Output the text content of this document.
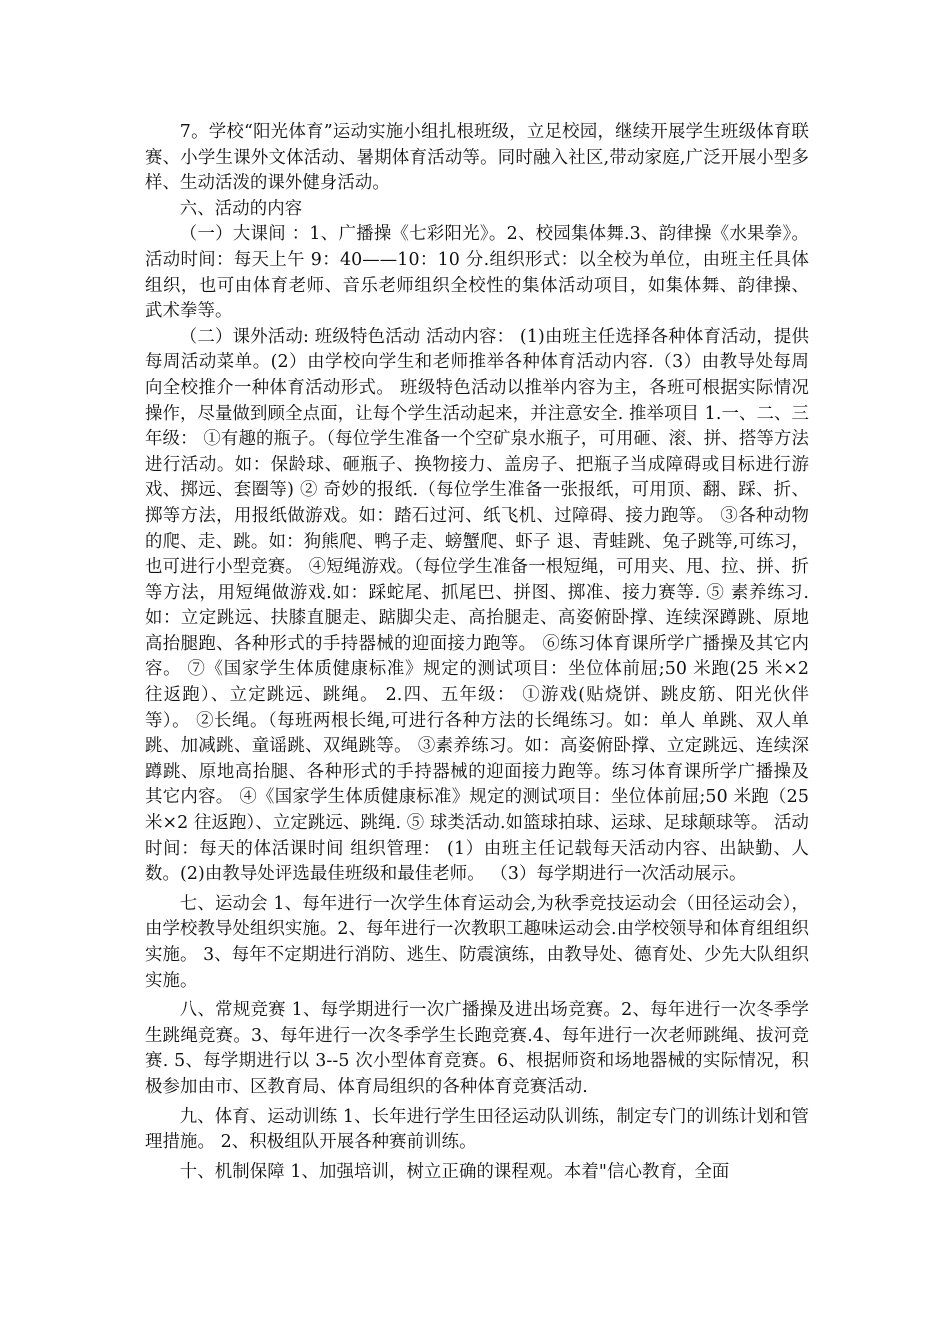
7。学校“阳光体育”运动实施小组扎根班级，立足校园，继续开展学生班级体育联赛、小学生课外文体活动、暑期体育活动等。同时融入社区,带动家庭,广泛开展小型多样、生动活泼的课外健身活动。

六、活动的内容

（一）大课间 ：1、广播操《七彩阳光》。2、校园集体舞.3、韵律操《水果拳》。活动时间：每天上午 9：40——10：10 分.组织形式：以全校为单位，由班主任具体组织，也可由体育老师、音乐老师组织全校性的集体活动项目，如集体舞、韵律操、武术拳等。

（二）课外活动: 班级特色活动 活动内容： (1)由班主任选择各种体育活动，提供每周活动菜单。(2）由学校向学生和老师推举各种体育活动内容.（3）由教导处每周向全校推介一种体育活动形式。 班级特色活动以推举内容为主，各班可根据实际情况操作，尽量做到顾全点面，让每个学生活动起来，并注意安全. 推举项目 1.一、二、三年级： ①有趣的瓶子。（每位学生准备一个空矿泉水瓶子，可用砸、滚、拼、搭等方法进行活动。如：保龄球、砸瓶子、换物接力、盖房子、把瓶子当成障碍或目标进行游戏、掷远、套圈等) ② 奇妙的报纸.（每位学生准备一张报纸，可用顶、翻、踩、折、掷等方法，用报纸做游戏。如：踏石过河、纸飞机、过障碍、接力跑等。 ③各种动物的爬、走、跳。如：狗熊爬、鸭子走、螃蟹爬、虾子 退、青蛙跳、兔子跳等,可练习，也可进行小型竞赛。 ④短绳游戏。（每位学生准备一根短绳，可用夹、甩、拉、拼、折等方法，用短绳做游戏.如：踩蛇尾、抓尾巴、拼图、掷准、接力赛等. ⑤ 素养练习.如：立定跳远、扶膝直腿走、踮脚尖走、高抬腿走、高姿俯卧撑、连续深蹲跳、原地高抬腿跑、各种形式的手持器械的迎面接力跑等。 ⑥练习体育课所学广播操及其它内容。 ⑦《国家学生体质健康标准》规定的测试项目：坐位体前屈;50 米跑(25 米×2 往返跑）、立定跳远、跳绳。 2.四、五年级： ①游戏(贴烧饼、跳皮筋、阳光伙伴等）。 ②长绳。（每班两根长绳,可进行各种方法的长绳练习。如：单人 单跳、双人单跳、加减跳、童谣跳、双绳跳等。 ③素养练习。如：高姿俯卧撑、立定跳远、连续深蹲跳、原地高抬腿、各种形式的手持器械的迎面接力跑等。练习体育课所学广播操及其它内容。 ④《国家学生体质健康标准》规定的测试项目：坐位体前屈;50 米跑（25 米×2 往返跑）、立定跳远、跳绳. ⑤ 球类活动.如篮球拍球、运球、足球颠球等。 活动时间：每天的体活课时间 组织管理： (1）由班主任记载每天活动内容、出缺勤、人数。(2)由教导处评选最佳班级和最佳老师。 （3）每学期进行一次活动展示。

七、运动会 1、每年进行一次学生体育运动会,为秋季竞技运动会（田径运动会），由学校教导处组织实施。2、每年进行一次教职工趣味运动会.由学校领导和体育组组织实施。 3、每年不定期进行消防、逃生、防震演练，由教导处、德育处、少先大队组织实施。

八、常规竞赛 1、每学期进行一次广播操及进出场竞赛。2、每年进行一次冬季学生跳绳竞赛。3、每年进行一次冬季学生长跑竞赛.4、每年进行一次老师跳绳、拔河竞赛. 5、每学期进行以 3--5 次小型体育竞赛。6、根据师资和场地器械的实际情况，积极参加由市、区教育局、体育局组织的各种体育竞赛活动.

九、体育、运动训练 1、长年进行学生田径运动队训练，制定专门的训练计划和管理措施。 2、积极组队开展各种赛前训练。

十、机制保障 1、加强培训，树立正确的课程观。本着"信心教育，全面
